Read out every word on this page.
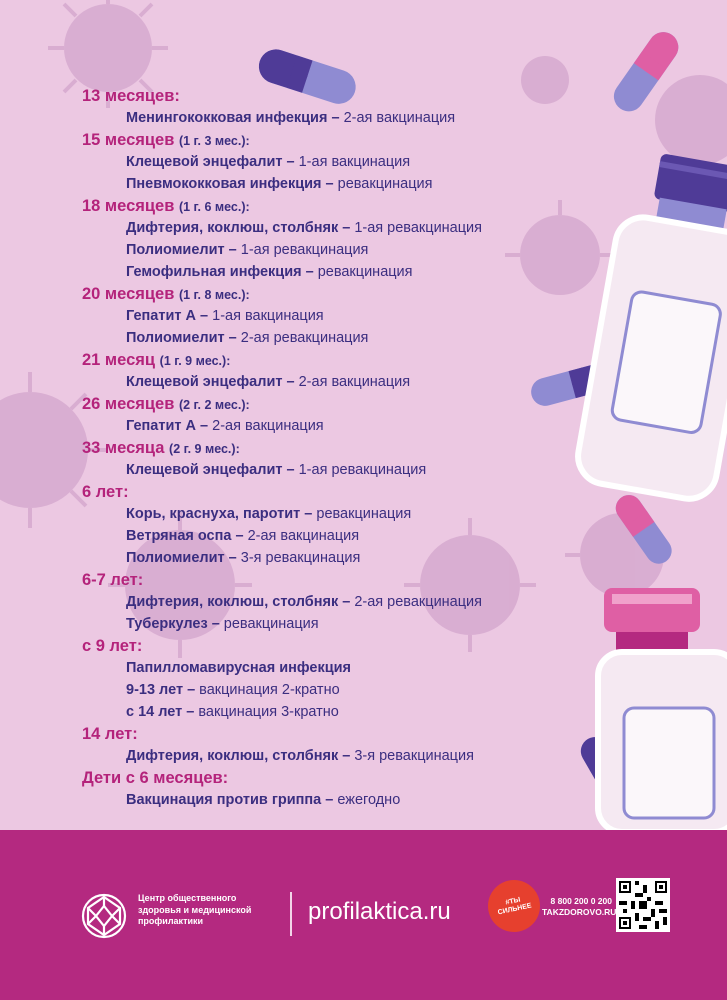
13 месяцев:
Менингококковая инфекция – 2-ая вакцинация
15 месяцев (1 г. 3 мес.):
Клещевой энцефалит – 1-ая вакцинация
Пневмококковая инфекция – ревакцинация
18 месяцев (1 г. 6 мес.):
Дифтерия, коклюш, столбняк – 1-ая ревакцинация
Полиомиелит – 1-ая ревакцинация
Гемофильная инфекция – ревакцинация
20 месяцев (1 г. 8 мес.):
Гепатит А – 1-ая вакцинация
Полиомиелит – 2-ая ревакцинация
21 месяц (1 г. 9 мес.):
Клещевой энцефалит – 2-ая вакцинация
26 месяцев (2 г. 2 мес.):
Гепатит А – 2-ая вакцинация
33 месяца (2 г. 9 мес.):
Клещевой энцефалит – 1-ая ревакцинация
6 лет:
Корь, краснуха, паротит – ревакцинация
Ветряная оспа – 2-ая вакцинация
Полиомиелит – 3-я ревакцинация
6-7 лет:
Дифтерия, коклюш, столбняк – 2-ая ревакцинация
Туберкулез – ревакцинация
с 9 лет:
Папилломавирусная инфекция
9-13 лет – вакцинация 2-кратно
с 14 лет – вакцинация 3-кратно
14 лет:
Дифтерия, коклюш, столбняк – 3-я ревакцинация
Дети с 6 месяцев:
Вакцинация против гриппа – ежегодно
Центр общественного
здоровья и медицинской
профилактики	profilaktica.ru	#ТЫ СИЛЬНЕЕ
8 800 200 0 200
TAKZDOROVO.RU
